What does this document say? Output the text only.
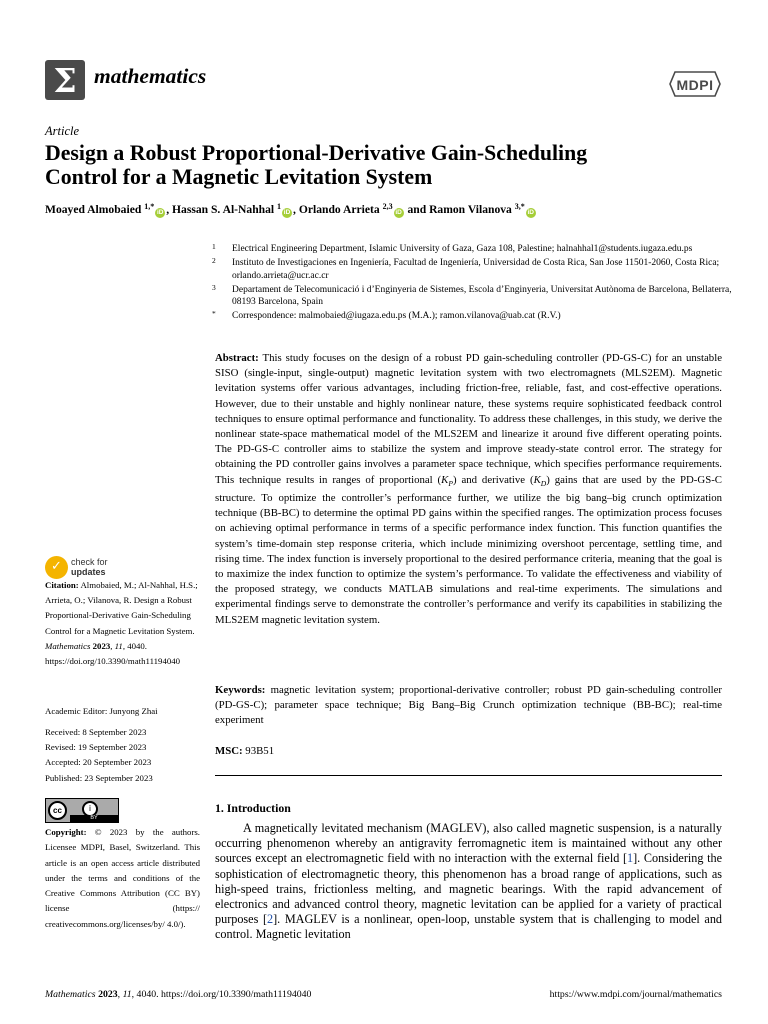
Σ mathematics	MDPI
Article
Design a Robust Proportional-Derivative Gain-Scheduling
Control for a Magnetic Levitation System
Moayed Almobaied $^{1,*}$iD , Hassan S. Al-Nahhal $^1$iD , Orlando Arrieta $^{2,3}$iD and Ramon Vilanova $^{3,*}$iD
1 Electrical Engineering Department, Islamic University of Gaza, Gaza 108, Palestine; halnahhal1@students.iugaza.edu.ps
2 Instituto de Investigaciones en Ingeniería, Facultad de Ingeniería, Universidad de Costa Rica, San Jose 11501-2060, Costa Rica; orlando.arrieta@ucr.ac.cr
3 Departament de Telecomunicació i d’Enginyeria de Sistemes, Escola d’Enginyeria, Universitat Autònoma de Barcelona, Bellaterra, 08193 Barcelona, Spain
* Correspondence: malmobaied@iugaza.edu.ps (M.A.); ramon.vilanova@uab.cat (R.V.)
Abstract: This study focuses on the design of a robust PD gain-scheduling controller (PD-GS-C) for an unstable SISO (single-input, single-output) magnetic levitation system with two electromagnets (MLS2EM). Magnetic levitation systems offer various advantages, including friction-free, reliable, fast, and cost-effective operations. However, due to their unstable and highly nonlinear nature, these systems require sophisticated feedback control techniques to ensure optimal performance and functionality. To address these challenges, in this study, we derive the nonlinear state-space mathematical model of the MLS2EM and linearize it around five different operating points. The PD-GS-C controller aims to stabilize the system and improve steady-state control error. The strategy for obtaining the PD controller gains involves a parameter space technique, which specifies performance requirements. This technique results in ranges of proportional $(K_P)$ and derivative $(K_D)$ gains that are used by the PD-GS-C structure. To optimize the controller’s performance further, we utilize the big bang–big crunch optimization technique (BB-BC) to determine the optimal PD gains within the specified ranges. The optimization process focuses on achieving optimal performance in terms of a specific performance index function. This function quantifies the system’s time-domain step response criteria, which include minimizing overshoot percentage, settling time, and rising time. The index function is inversely proportional to the desired performance criteria, meaning that the goal is to maximize the index function to optimize the system’s performance. To validate the effectiveness and viability of the proposed strategy, we conducts MATLAB simulations and real-time experiments. The simulations and experimental findings serve to demonstrate the controller’s performance and verify its capabilities in stabilizing the MLS2EM magnetic levitation system.
Keywords: magnetic levitation system; proportional-derivative controller; robust PD gain-scheduling controller (PD-GS-C); parameter space technique; Big Bang–Big Crunch optimization technique (BB-BC); real-time experiment
MSC: 93B51
1. Introduction
A magnetically levitated mechanism (MAGLEV), also called magnetic suspension, is a naturally occurring phenomenon whereby an antigravity ferromagnetic item is maintained without any other sources except an electromagnetic field with no interaction with the external field [1]. Considering the sophistication of electromagnetic theory, this phenomenon has a broad range of applications, such as high-speed trains, frictionless melting, and magnetic bearings. With the rapid advancement of electronics and advanced control theory, magnetic levitation can be applied for a variety of practical purposes [2]. MAGLEV is a nonlinear, open-loop, unstable system that is challenging to model and control. Magnetic levitation
✓ check for
updates
Citation: Almobaied, M.; Al-Nahhal, H.S.; Arrieta, O.; Vilanova, R. Design a Robust Proportional-Derivative Gain-Scheduling Control for a Magnetic Levitation System. Mathematics 2023, 11, 4040. https://doi.org/10.3390/math11194040
Academic Editor: Junyong Zhai
Received: 8 September 2023
Revised: 19 September 2023
Accepted: 20 September 2023
Published: 23 September 2023
cc	i
BY
Copyright: © 2023 by the authors. Licensee MDPI, Basel, Switzerland. This article is an open access article distributed under the terms and conditions of the Creative Commons Attribution (CC BY) license (https:// creativecommons.org/licenses/by/ 4.0/).
Mathematics 2023, 11, 4040. https://doi.org/10.3390/math11194040	https://www.mdpi.com/journal/mathematics
